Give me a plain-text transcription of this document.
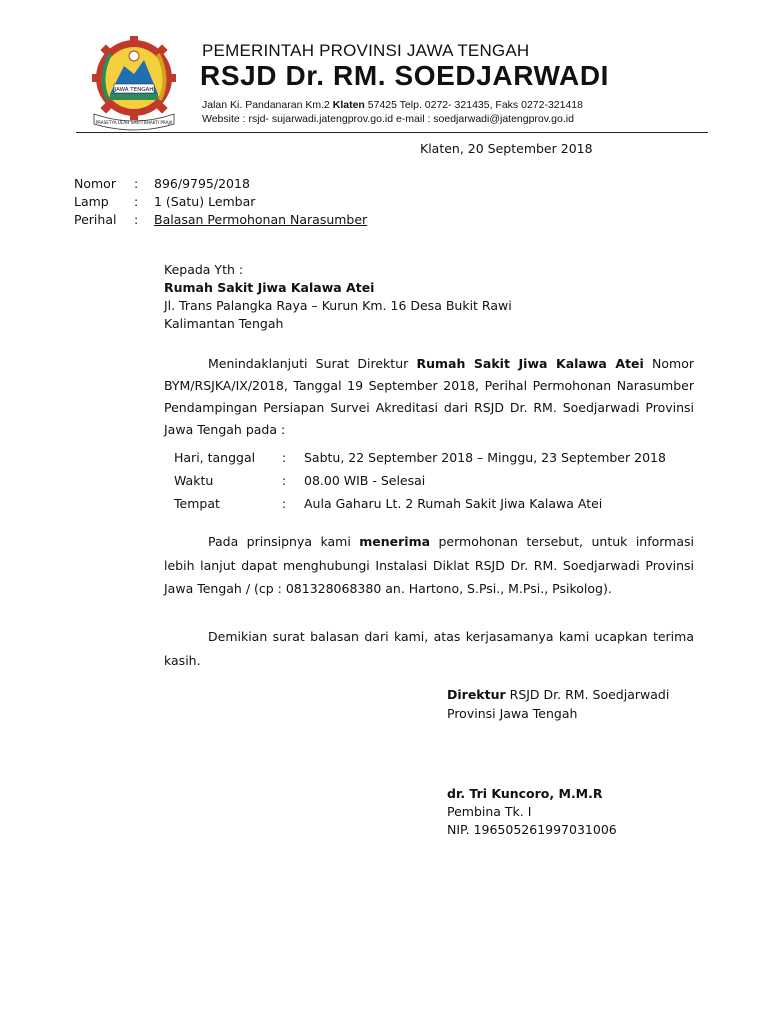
JAWA TENGAH
PRASETYA ULAH SAKTI BHAKTI PRAJA
PEMERINTAH PROVINSI JAWA TENGAH
RSJD Dr. RM. SOEDJARWADI
Jalan Ki. Pandanaran Km.2 Klaten 57425 Telp. 0272- 321435, Faks 0272-321418
Website : rsjd- sujarwadi.jatengprov.go.id e-mail : soedjarwadi@jatengprov.go.id
Klaten, 20 September 2018
Nomor : 896/9795/2018
Lamp : 1 (Satu) Lembar
Perihal : Balasan Permohonan Narasumber
Kepada Yth :
Rumah Sakit Jiwa Kalawa Atei
Jl. Trans Palangka Raya – Kurun Km. 16 Desa Bukit Rawi
Kalimantan Tengah
Menindaklanjuti Surat Direktur Rumah Sakit Jiwa Kalawa Atei Nomor BYM/RSJKA/IX/2018, Tanggal 19 September 2018, Perihal Permohonan Narasumber Pendampingan Persiapan Survei Akreditasi dari RSJD Dr. RM. Soedjarwadi Provinsi Jawa Tengah pada :
Hari, tanggal : Sabtu, 22 September 2018 – Minggu, 23 September 2018
Waktu	: 08.00 WIB - Selesai
Tempat	: Aula Gaharu Lt. 2 Rumah Sakit Jiwa Kalawa Atei
Pada prinsipnya kami menerima permohonan tersebut, untuk informasi lebih lanjut dapat menghubungi Instalasi Diklat RSJD Dr. RM. Soedjarwadi Provinsi Jawa Tengah / (cp : 081328068380 an. Hartono, S.Psi., M.Psi., Psikolog).
Demikian surat balasan dari kami, atas kerjasamanya kami ucapkan terima kasih.
Direktur RSJD Dr. RM. Soedjarwadi
Provinsi Jawa Tengah
dr. Tri Kuncoro, M.M.R
Pembina Tk. I
NIP. 196505261997031006
